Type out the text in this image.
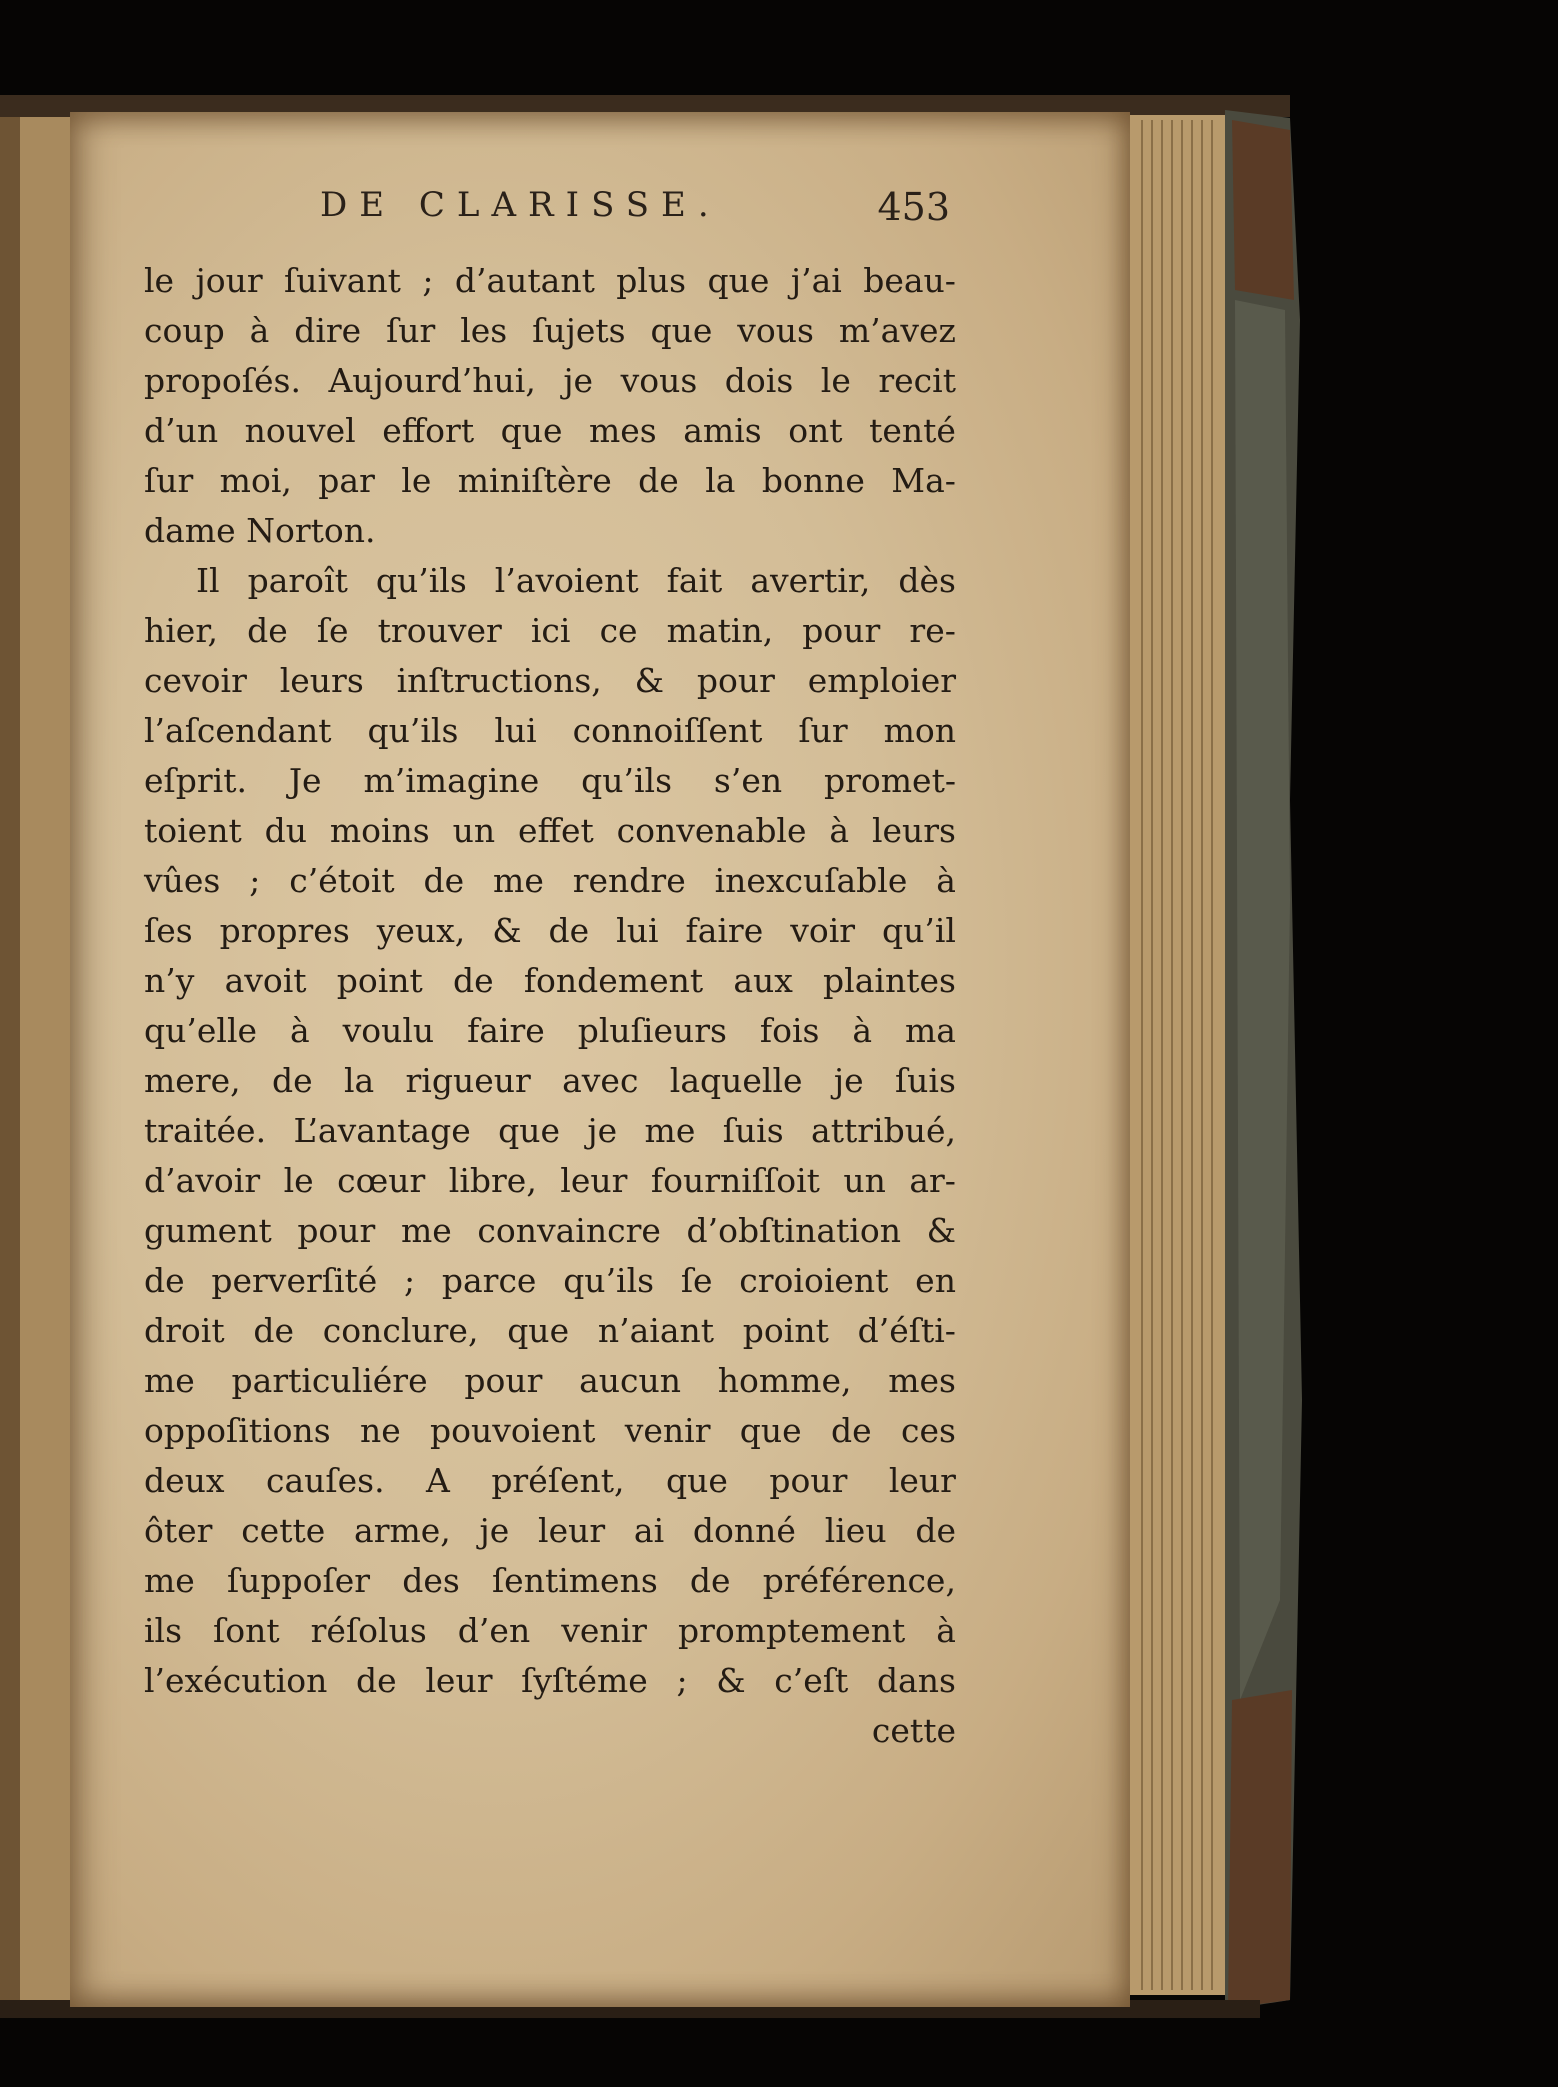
DE CLARISSE.	453
le jour ſuivant ; d’autant plus que j’ai beau-
coup à dire ſur les ſujets que vous m’avez
propoſés. Aujourd’hui, je vous dois le recit
d’un nouvel effort que mes amis ont tenté
ſur moi, par le miniſtère de la bonne Ma-
dame Norton.
Il paroît qu’ils l’avoient fait avertir, dès
hier, de ſe trouver ici ce matin, pour re-
cevoir leurs inſtructions, & pour emploier
l’aſcendant qu’ils lui connoiſſent ſur mon
eſprit. Je m’imagine qu’ils s’en promet-
toient du moins un effet convenable à leurs
vûes ; c’étoit de me rendre inexcuſable à
ſes propres yeux, & de lui faire voir qu’il
n’y avoit point de fondement aux plaintes
qu’elle à voulu faire pluſieurs fois à ma
mere, de la rigueur avec laquelle je ſuis
traitée. L’avantage que je me ſuis attribué,
d’avoir le cœur libre, leur fourniſſoit un ar-
gument pour me convaincre d’obſtination &
de perverſité ; parce qu’ils ſe croioient en
droit de conclure, que n’aiant point d’éſti-
me particuliére pour aucun homme, mes
oppoſitions ne pouvoient venir que de ces
deux cauſes. A préſent, que pour leur
ôter cette arme, je leur ai donné lieu de
me ſuppoſer des ſentimens de préférence,
ils ſont réſolus d’en venir promptement à
l’exécution de leur ſyſtéme ; & c’eſt dans
cette
